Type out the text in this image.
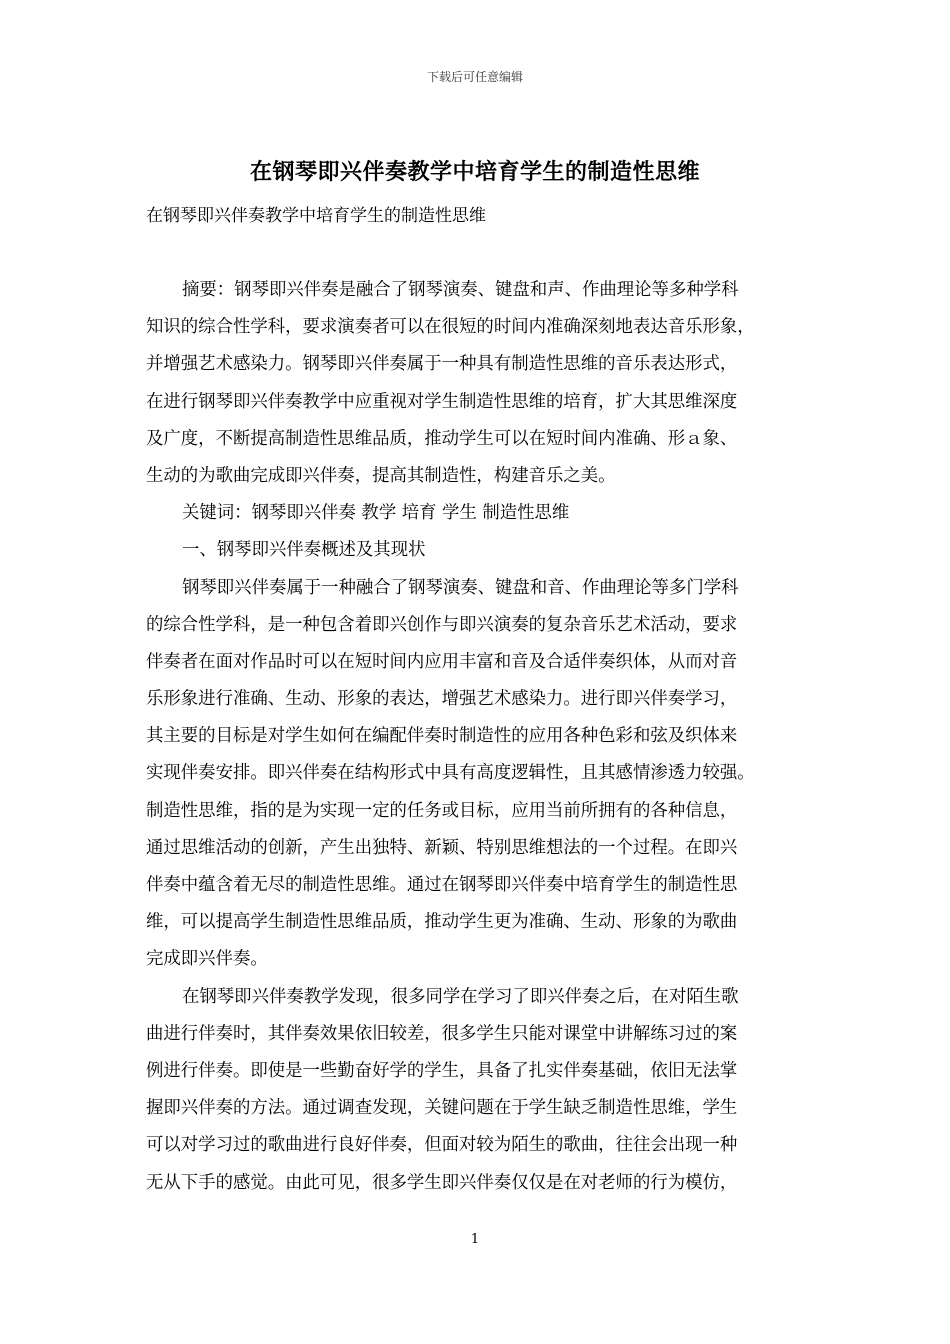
下载后可任意编辑
在钢琴即兴伴奏教学中培育学生的制造性思维
在钢琴即兴伴奏教学中培育学生的制造性思维
摘要：钢琴即兴伴奏是融合了钢琴演奏、键盘和声、作曲理论等多种学科
知识的综合性学科，要求演奏者可以在很短的时间内准确深刻地表达音乐形象，
并增强艺术感染力。钢琴即兴伴奏属于一种具有制造性思维的音乐表达形式，
在进行钢琴即兴伴奏教学中应重视对学生制造性思维的培育，扩大其思维深度
及广度，不断提高制造性思维品质，推动学生可以在短时间内准确、形ａ象、
生动的为歌曲完成即兴伴奏，提高其制造性，构建音乐之美。
关键词：钢琴即兴伴奏 教学 培育 学生 制造性思维
一、钢琴即兴伴奏概述及其现状
钢琴即兴伴奏属于一种融合了钢琴演奏、键盘和音、作曲理论等多门学科
的综合性学科，是一种包含着即兴创作与即兴演奏的复杂音乐艺术活动，要求
伴奏者在面对作品时可以在短时间内应用丰富和音及合适伴奏织体，从而对音
乐形象进行准确、生动、形象的表达，增强艺术感染力。进行即兴伴奏学习，
其主要的目标是对学生如何在编配伴奏时制造性的应用各种色彩和弦及织体来
实现伴奏安排。即兴伴奏在结构形式中具有高度逻辑性，且其感情渗透力较强。
制造性思维，指的是为实现一定的任务或目标，应用当前所拥有的各种信息，
通过思维活动的创新，产生出独特、新颖、特别思维想法的一个过程。在即兴
伴奏中蕴含着无尽的制造性思维。通过在钢琴即兴伴奏中培育学生的制造性思
维，可以提高学生制造性思维品质，推动学生更为准确、生动、形象的为歌曲
完成即兴伴奏。
在钢琴即兴伴奏教学发现，很多同学在学习了即兴伴奏之后，在对陌生歌
曲进行伴奏时，其伴奏效果依旧较差，很多学生只能对课堂中讲解练习过的案
例进行伴奏。即使是一些勤奋好学的学生，具备了扎实伴奏基础，依旧无法掌
握即兴伴奏的方法。通过调查发现，关键问题在于学生缺乏制造性思维，学生
可以对学习过的歌曲进行良好伴奏，但面对较为陌生的歌曲，往往会出现一种
无从下手的感觉。由此可见，很多学生即兴伴奏仅仅是在对老师的行为模仿，
1
